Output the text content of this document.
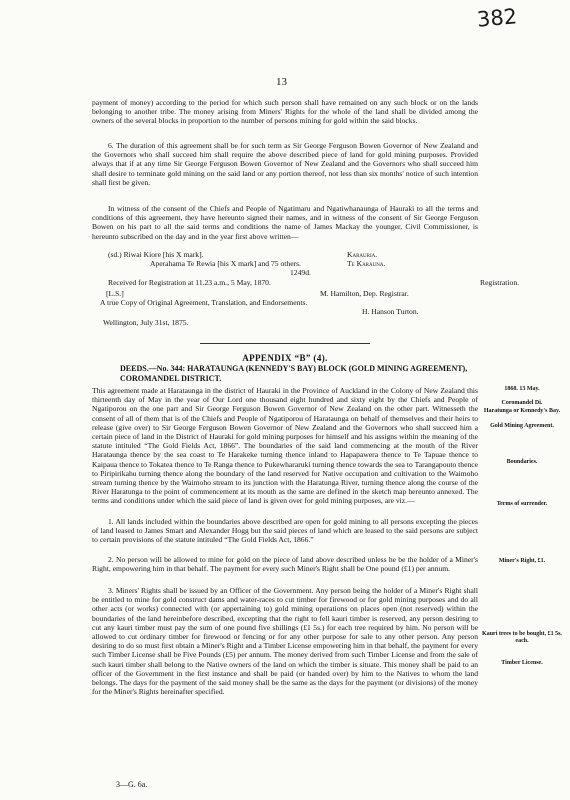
382
13

payment of money) according to the period for which such person shall have remained on any such block or on the lands belonging to another tribe. The money arising from Miners' Rights for the whole of the land shall be divided among the owners of the several blocks in proportion to the number of persons mining for gold within the said blocks.

6. The duration of this agreement shall be for such term as Sir George Ferguson Bowen Governor of New Zealand and the Governors who shall succeed him shall require the above described piece of land for gold mining purposes. Provided always that if at any time Sir George Ferguson Bowen Governor of New Zealand and the Governors who shall succeed him shall desire to terminate gold mining on the said land or any portion thereof, not less than six months' notice of such intention shall first be given.

In witness of the consent of the Chiefs and People of Ngatimaru and Ngatiwhanaunga of Hauraki to all the terms and conditions of this agreement, they have hereunto signed their names, and in witness of the consent of Sir George Ferguson Bowen on his part to all the said terms and conditions the name of James Mackay the younger, Civil Commissioner, is hereunto subscribed on the day and in the year first above written—

(sd.) Riwai Kiore [his X mark].	Karauria.
Aperahama Te Rewia [his X mark] and 75 others.	Te Karauna.
1249d.
Received for Registration at 11.23 a.m., 5 May, 1870.	Registration.
[L.S.]	M. Hamilton, Dep. Registrar.
A true Copy of Original Agreement, Translation, and Endorsements.
H. Hanson Turton.
Wellington, July 31st, 1875.
APPENDIX “B” (4).
DEEDS.—No. 344: HARATAUNGA (KENNEDY'S BAY) BLOCK (GOLD MINING AGREEMENT), COROMANDEL DISTRICT.

This agreement made at Harataunga in the district of Hauraki in the Province of Auckland in the Colony of New Zealand this thirteenth day of May in the year of Our Lord one thousand eight hundred and sixty eight by the Chiefs and People of Ngatiporou on the one part and Sir George Ferguson Bowen Governor of New Zealand on the other part. Witnesseth the consent of all of them that is of the Chiefs and People of Ngatiporou of Harataunga on behalf of themselves and their heirs to release (give over) to Sir George Ferguson Bowen Governor of New Zealand and the Governors who shall succeed him a certain piece of land in the District of Hauraki for gold mining purposes for himself and his assigns within the meaning of the statute intituled “The Gold Fields Act, 1866”. The boundaries of the said land commencing at the mouth of the River Harataunga thence by the sea coast to Te Harakeke turning thence inland to Hapapawera thence to Te Tapuae thence to Kaipaua thence to Tokatea thence to Te Ranga thence to Pukewhararuki turning thence towards the sea to Tarangapouto thence to Piripirikahu turning thence along the boundary of the land reserved for Native occupation and cultivation to the Waimoho stream turning thence by the Waimoho stream to its junction with the Haratunga River, turning thence along the course of the River Haratunga to the point of commencement at its mouth as the same are defined in the sketch map hereunto annexed. The terms and conditions under which the said piece of land is given over for gold mining purposes, are viz.—

1. All lands included within the boundaries above described are open for gold mining to all persons excepting the pieces of land leased to James Smart and Alexander Hogg but the said pieces of land which are leased to the said persons are subject to certain provisions of the statute intituled “The Gold Fields Act, 1866.”

2. No person will be allowed to mine for gold on the piece of land above described unless he be the holder of a Miner's Right, empowering him in that behalf. The payment for every such Miner's Right shall be One pound (£1) per annum.

3. Miners' Rights shall be issued by an Officer of the Government. Any person being the holder of a Miner's Right shall be entitled to mine for gold construct dams and water-races to cut timber for firewood or for gold mining purposes and do all other acts (or works) connected with (or appertaining to) gold mining operations on places open (not reserved) within the boundaries of the land hereinbefore described, excepting that the right to fell kauri timber is reserved, any person desiring to cut any kauri timber must pay the sum of one pound five shillings (£1 5s.) for each tree required by him. No person will be allowed to cut ordinary timber for firewood or fencing or for any other purpose for sale to any other person. Any person desiring to do so must first obtain a Miner's Right and a Timber License empowering him in that behalf, the payment for every such Timber License shall be Five Pounds (£5) per annum. The money derived from such Timber License and from the sale of such kauri timber shall belong to the Native owners of the land on which the timber is situate. This money shall be paid to an officer of the Government in the first instance and shall be paid (or handed over) by him to the Natives to whom the land belongs. The days for the payment of the said money shall be the same as the days for the payment (or divisions) of the money for the Miner's Rights hereinafter specified.

1868. 13 May.
Coromandel Di.
Haratunga or Kennedy's Bay.
Gold Mining Agreement.
Boundaries.
Terms of surrender.
Miner's Right, £1.
Kauri trees to be bought, £1 5s. each.
Timber License.
3—G. 6a.
